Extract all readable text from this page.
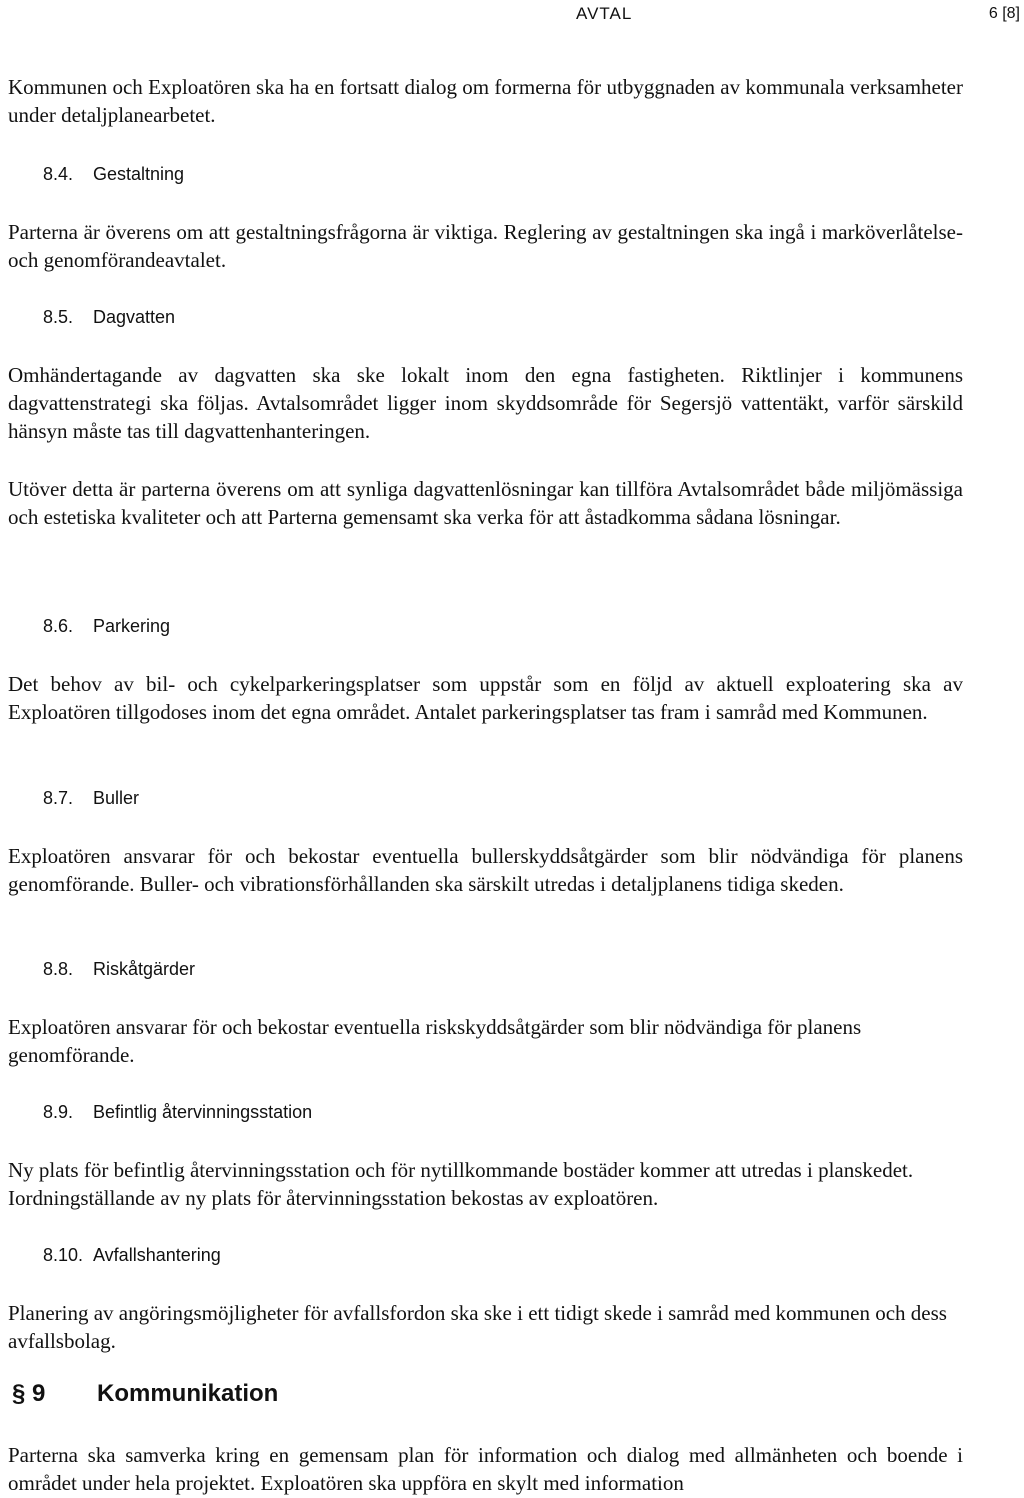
AVTAL	6 [8]

Kommunen och Exploatören ska ha en fortsatt dialog om formerna för utbyggnaden av kommunala verksamheter under detaljplanearbetet.

8.4. Gestaltning

Parterna är överens om att gestaltningsfrågorna är viktiga. Reglering av gestaltningen ska ingå i marköverlåtelse- och genomförandeavtalet.

8.5. Dagvatten

Omhändertagande av dagvatten ska ske lokalt inom den egna fastigheten. Riktlinjer i kommunens dagvattenstrategi ska följas. Avtalsområdet ligger inom skyddsområde för Segersjö vattentäkt, varför särskild hänsyn måste tas till dagvattenhanteringen.

Utöver detta är parterna överens om att synliga dagvattenlösningar kan tillföra Avtalsområdet både miljömässiga och estetiska kvaliteter och att Parterna gemensamt ska verka för att åstadkomma sådana lösningar.

8.6. Parkering

Det behov av bil- och cykelparkeringsplatser som uppstår som en följd av aktuell exploatering ska av Exploatören tillgodoses inom det egna området. Antalet parkeringsplatser tas fram i samråd med Kommunen.

8.7. Buller

Exploatören ansvarar för och bekostar eventuella bullerskyddsåtgärder som blir nödvändiga för planens genomförande. Buller- och vibrationsförhållanden ska särskilt utredas i detaljplanens tidiga skeden.

8.8. Riskåtgärder

Exploatören ansvarar för och bekostar eventuella riskskyddsåtgärder som blir nödvändiga för planens genomförande.

8.9. Befintlig återvinningsstation

Ny plats för befintlig återvinningsstation och för nytillkommande bostäder kommer att utredas i planskedet. Iordningställande av ny plats för återvinningsstation bekostas av exploatören.

8.10. Avfallshantering

Planering av angöringsmöjligheter för avfallsfordon ska ske i ett tidigt skede i samråd med kommunen och dess avfallsbolag.

§ 9 Kommunikation

Parterna ska samverka kring en gemensam plan för information och dialog med allmänheten och boende i området under hela projektet. Exploatören ska uppföra en skylt med information
